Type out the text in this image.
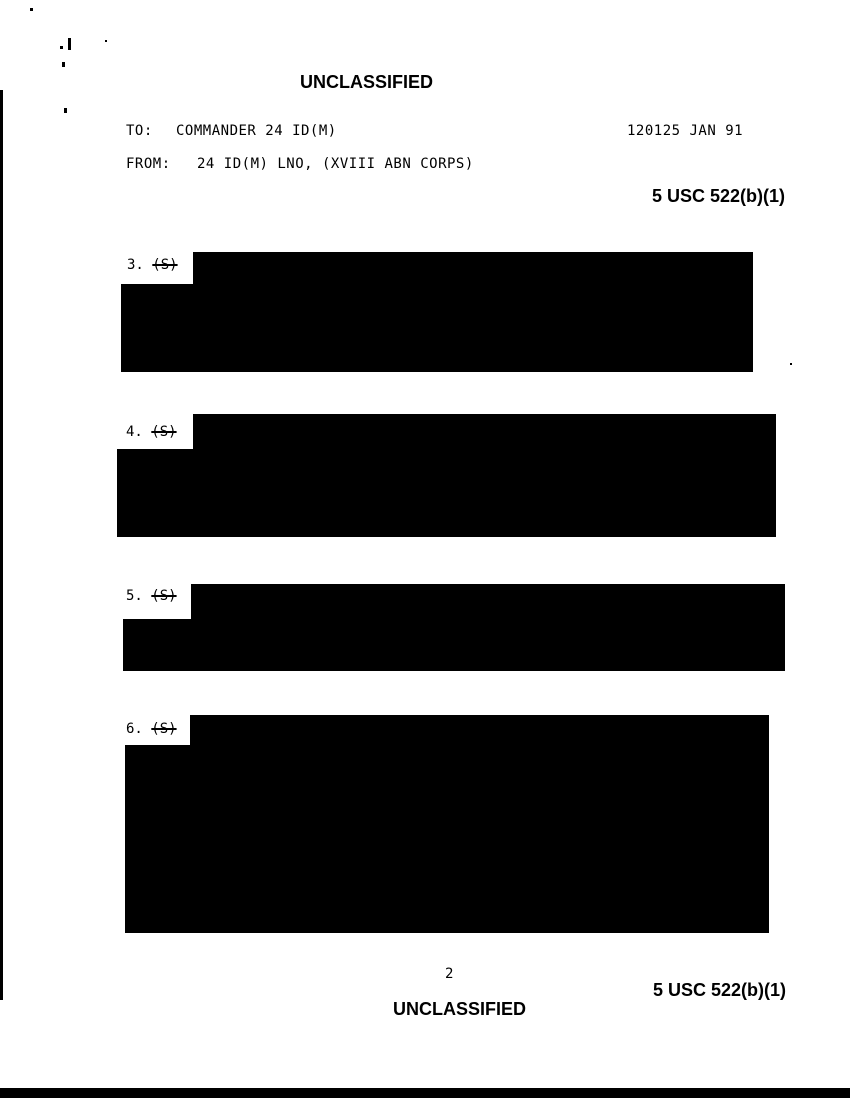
UNCLASSIFIED
TO: COMMANDER 24 ID(M)	120125 JAN 91
FROM: 24 ID(M) LNO, (XVIII ABN CORPS)
5 USC 522(b)(1)
3. (S)
4. (S)
5. (S)
6. (S)
2
5 USC 522(b)(1)
UNCLASSIFIED
